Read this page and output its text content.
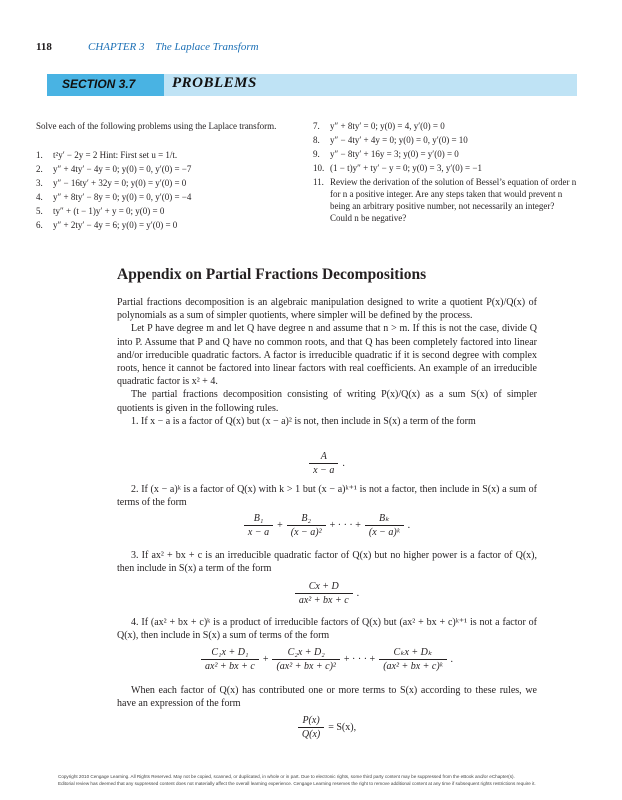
118	CHAPTER 3 The Laplace Transform
SECTION 3.7 PROBLEMS
Solve each of the following problems using the Laplace transform.
1. t²y′ − 2y = 2 Hint: First set u = 1/t.
2. y″ + 4ty′ − 4y = 0; y(0) = 0, y′(0) = −7
3. y″ − 16ty′ + 32y = 0; y(0) = y′(0) = 0
4. y″ + 8ty′ − 8y = 0; y(0) = 0, y′(0) = −4
5. ty″ + (t − 1)y′ + y = 0; y(0) = 0
6. y″ + 2ty′ − 4y = 6; y(0) = y′(0) = 0
7. y″ + 8ty′ = 0; y(0) = 4, y′(0) = 0
8. y″ − 4ty′ + 4y = 0; y(0) = 0, y′(0) = 10
9. y″ − 8ty′ + 16y = 3; y(0) = y′(0) = 0
10. (1 − t)y″ + ty′ − y = 0; y(0) = 3, y′(0) = −1
11. Review the derivation of the solution of Bessel’s equation of order n for n a positive integer. Are any steps taken that would prevent n being an arbitrary positive number, not necessarily an integer? Could n be negative?
Appendix on Partial Fractions Decompositions

Partial fractions decomposition is an algebraic manipulation designed to write a quotient P(x)/Q(x) of polynomials as a sum of simpler quotients, where simpler will be defined by the process.

Let P have degree m and let Q have degree n and assume that n > m. If this is not the case, divide Q into P. Assume that P and Q have no common roots, and that Q has been completely factored into linear and/or irreducible quadratic factors. A factor is irreducible quadratic if it is second degree with complex roots, hence it cannot be factored into linear factors with real coefficients. An example of an irreducible quadratic factor is x² + 4.

The partial fractions decomposition consisting of writing P(x)/Q(x) as a sum S(x) of simpler quotients is given in the following rules.

1. If x − a is a factor of Q(x) but (x − a)² is not, then include in S(x) a term of the form

$\frac{A}{x - a}$ .

2. If (x − a)ᵏ is a factor of Q(x) with k > 1 but (x − a)ᵏ⁺¹ is not a factor, then include in S(x) a sum of terms of the form

$\frac{\text{B₁}}{x - a} + \frac{\text{B₂}}{\text{(x − a)²}}$ + · · · + $\frac{\text{Bₖ}}{\text{(x − a)ᵏ}}$ .

3. If ax² + bx + c is an irreducible quadratic factor of Q(x) but no higher power is a factor of Q(x), then include in S(x) a term of the form

$\frac{Cx + D}{\text{ax² + bx + c}}$ .

4. If (ax² + bx + c)ᵏ is a product of irreducible factors of Q(x) but (ax² + bx + c)ᵏ⁺¹ is not a factor of Q(x), then include in S(x) a sum of terms of the form

$\frac{\text{C₁x + D₁}}{\text{ax² + bx + c}} + \frac{\text{C₂x + D₂}}{\text{(ax² + bx + c)²}}$ + · · · + $\frac{\text{Cₖx + Dₖ}}{\text{(ax² + bx + c)ᵏ}}$ .

When each factor of Q(x) has contributed one or more terms to S(x) according to these rules, we have an expression of the form

$\frac{P(x)}{Q(x)} = S(x)$,
Copyright 2010 Cengage Learning. All Rights Reserved. May not be copied, scanned, or duplicated, in whole or in part. Due to electronic rights, some third party content may be suppressed from the eBook and/or eChapter(s).
Editorial review has deemed that any suppressed content does not materially affect the overall learning experience. Cengage Learning reserves the right to remove additional content at any time if subsequent rights restrictions require it.
